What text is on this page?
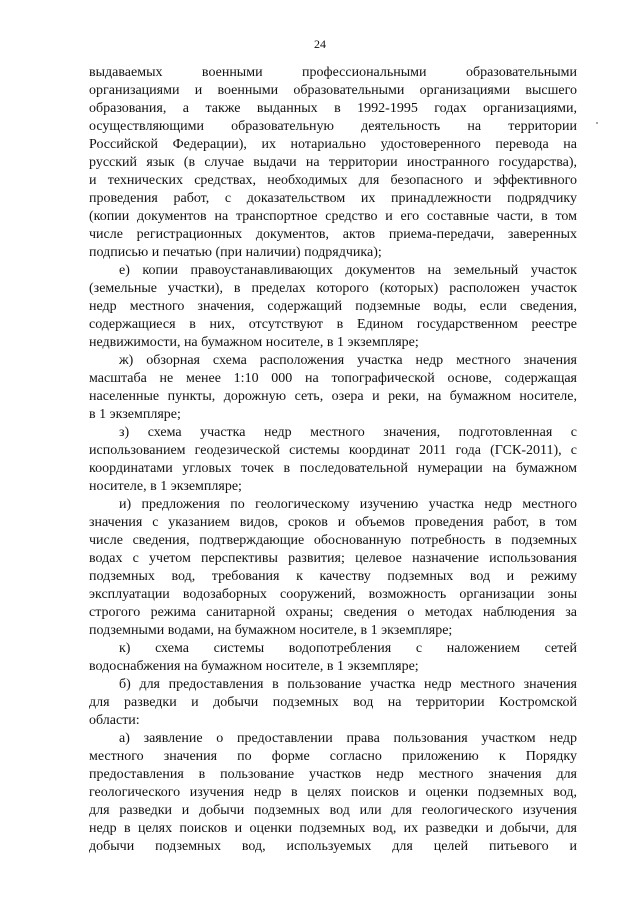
24
выдаваемых военными профессиональными образовательными
организациями и военными образовательными организациями высшего
образования, а также выданных в 1992-1995 годах организациями,
осуществляющими образовательную деятельность на территории
Российской Федерации), их нотариально удостоверенного перевода на
русский язык (в случае выдачи на территории иностранного государства),
и технических средствах, необходимых для безопасного и эффективного
проведения работ, с доказательством их принадлежности подрядчику
(копии документов на транспортное средство и его составные части, в том
числе регистрационных документов, актов приема-передачи, заверенных
подписью и печатью (при наличии) подрядчика);
е) копии правоустанавливающих документов на земельный участок
(земельные участки), в пределах которого (которых) расположен участок
недр местного значения, содержащий подземные воды, если сведения,
содержащиеся в них, отсутствуют в Едином государственном реестре
недвижимости, на бумажном носителе, в 1 экземпляре;
ж) обзорная схема расположения участка недр местного значения
масштаба не менее 1:10 000 на топографической основе, содержащая
населенные пункты, дорожную сеть, озера и реки, на бумажном носителе,
в 1 экземпляре;
з) схема участка недр местного значения, подготовленная с
использованием геодезической системы координат 2011 года (ГСК-2011), с
координатами угловых точек в последовательной нумерации на бумажном
носителе, в 1 экземпляре;
и) предложения по геологическому изучению участка недр местного
значения с указанием видов, сроков и объемов проведения работ, в том
числе сведения, подтверждающие обоснованную потребность в подземных
водах с учетом перспективы развития; целевое назначение использования
подземных вод, требования к качеству подземных вод и режиму
эксплуатации водозаборных сооружений, возможность организации зоны
строгого режима санитарной охраны; сведения о методах наблюдения за
подземными водами, на бумажном носителе, в 1 экземпляре;
к) схема системы водопотребления с наложением сетей
водоснабжения на бумажном носителе, в 1 экземпляре;
б) для предоставления в пользование участка недр местного значения
для разведки и добычи подземных вод на территории Костромской
области:
а) заявление о предоставлении права пользования участком недр
местного значения по форме согласно приложению к Порядку
предоставления в пользование участков недр местного значения для
геологического изучения недр в целях поисков и оценки подземных вод,
для разведки и добычи подземных вод или для геологического изучения
недр в целях поисков и оценки подземных вод, их разведки и добычи, для
добычи подземных вод, используемых для целей питьевого и
